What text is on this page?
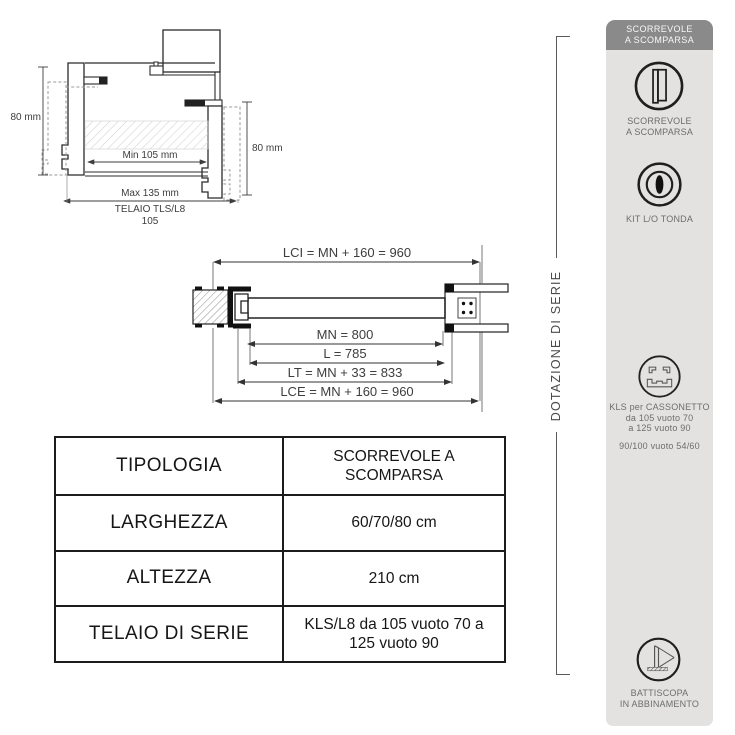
Min 105 mm
80 mm
80 mm
Max 135 mm
TELAIO TLS/L8
105
LCI = MN + 160 = 960
MN = 800
L = 785
LT = MN + 33 = 833
LCE = MN + 160 = 960
TIPOLOGIA	SCORREVOLE A
SCOMPARSA
LARGHEZZA	60/70/80 cm
ALTEZZA	210 cm
TELAIO DI SERIE	KLS/L8 da 105 vuoto 70 a
125 vuoto 90
DOTAZIONE DI SERIE
SCORREVOLE
A SCOMPARSA
SCORREVOLE
A SCOMPARSA
KIT L/O TONDA
KLS per CASSONETTO
da 105 vuoto 70
a 125 vuoto 90
90/100 vuoto 54/60
BATTISCOPA
IN ABBINAMENTO
